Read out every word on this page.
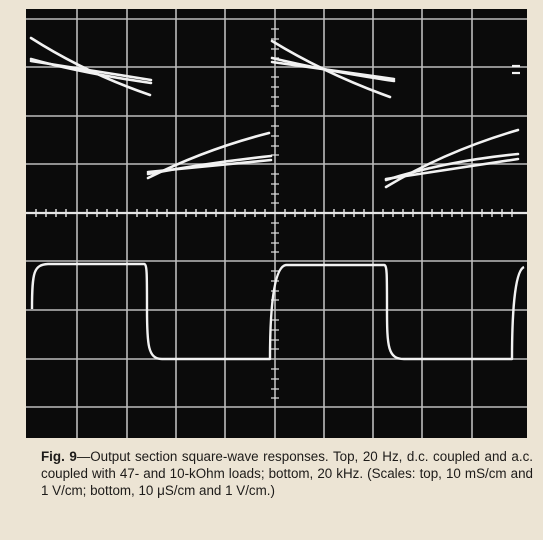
Fig. 9—Output section square-wave responses. Top, 20 Hz, d.c. coupled and a.c. coupled with 47- and 10-kOhm loads; bottom, 20 kHz. (Scales: top, 10 mS/cm and 1 V/cm; bottom, 10 μS/cm and 1 V/cm.)
